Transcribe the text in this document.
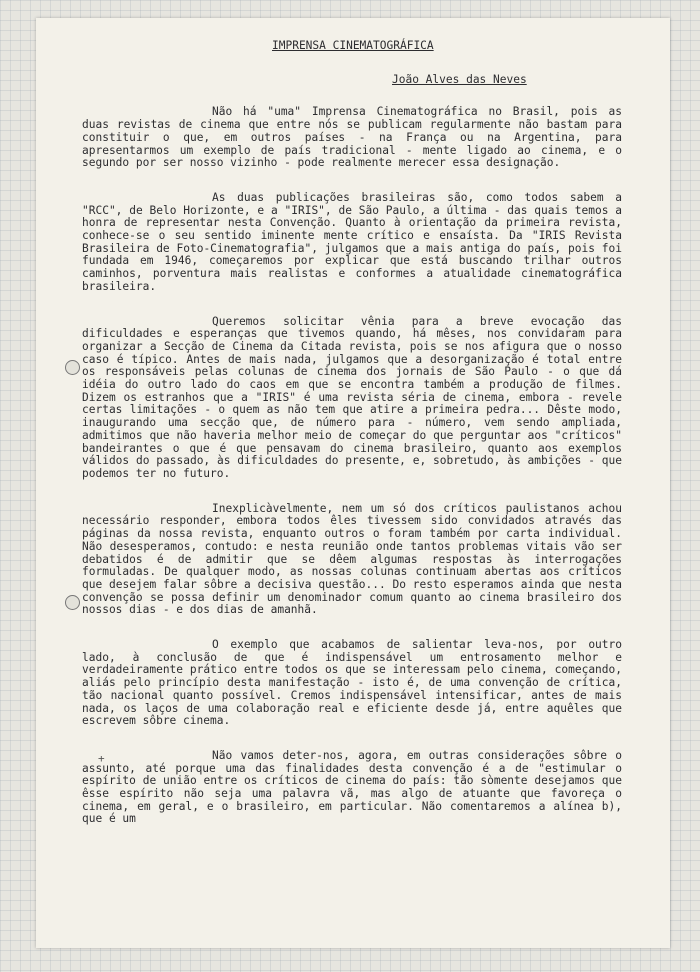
+
IMPRENSA CINEMATOGRÁFICA
João Alves das Neves

Não há "uma" Imprensa Cinematográfica no Brasil, pois as duas revistas de cinema que entre nós se publicam regularmente não bastam para constituir o que, em outros países - na França ou na Argentina, para apresentarmos um exemplo de país tradicional - mente ligado ao cinema, e o segundo por ser nosso vizinho - pode realmente merecer essa designação.

As duas publicações brasileiras são, como todos sabem a "RCC", de Belo Horizonte, e a "IRIS", de São Paulo, a última - das quais temos a honra de representar nesta Convenção. Quanto à orientação da primeira revista, conhece-se o seu sentido iminente mente crítico e ensaísta. Da "IRIS Revista Brasileira de Foto-Cinematografia", julgamos que a mais antiga do país, pois foi fundada em 1946, começaremos por explicar que está buscando trilhar outros caminhos, porventura mais realistas e conformes a atualidade cinematográfica brasileira.

Queremos solicitar vênia para a breve evocação das dificuldades e esperanças que tivemos quando, há mêses, nos convidaram para organizar a Secção de Cinema da Citada revista, pois se nos afigura que o nosso caso é típico. Antes de mais nada, julgamos que a desorganização é total entre os responsáveis pelas colunas de cinema dos jornais de São Paulo - o que dá idéia do outro lado do caos em que se encontra também a produção de filmes. Dizem os estranhos que a "IRIS" é uma revista séria de cinema, embora - revele certas limitações - o quem as não tem que atire a primeira pedra... Dêste modo, inaugurando uma secção que, de número para - número, vem sendo ampliada, admitimos que não haveria melhor meio de começar do que perguntar aos "críticos" bandeirantes o que é que pensavam do cinema brasileiro, quanto aos exemplos válidos do passado, às dificuldades do presente, e, sobretudo, às ambições - que podemos ter no futuro.

Inexplicàvelmente, nem um só dos críticos paulistanos achou necessário responder, embora todos êles tivessem sido convidados através das páginas da nossa revista, enquanto outros o foram também por carta individual. Não desesperamos, contudo: e nesta reunião onde tantos problemas vitais vão ser debatidos é de admitir que se dêem algumas respostas às interrogações formuladas. De qualquer modo, as nossas colunas continuam abertas aos críticos que desejem falar sôbre a decisiva questão... Do resto esperamos ainda que nesta convenção se possa definir um denominador comum quanto ao cinema brasileiro dos nossos dias - e dos dias de amanhã.

O exemplo que acabamos de salientar leva-nos, por outro lado, à conclusão de que é indispensável um entrosamento melhor e verdadeiramente prático entre todos os que se interessam pelo cinema, começando, aliás pelo princípio desta manifestação - isto é, de uma convenção de crítica, tão nacional quanto possível. Cremos indispensável intensificar, antes de mais nada, os laços de uma colaboração real e eficiente desde já, entre aquêles que escrevem sôbre cinema.

Não vamos deter-nos, agora, em outras considerações sôbre o assunto, até porque uma das finalidades desta convenção é a de "estimular o espírito de união entre os críticos de cinema do país: tão sòmente desejamos que êsse espírito não seja uma palavra vã, mas algo de atuante que favoreça o cinema, em geral, e o brasileiro, em particular. Não comentaremos a alínea b), que é um
